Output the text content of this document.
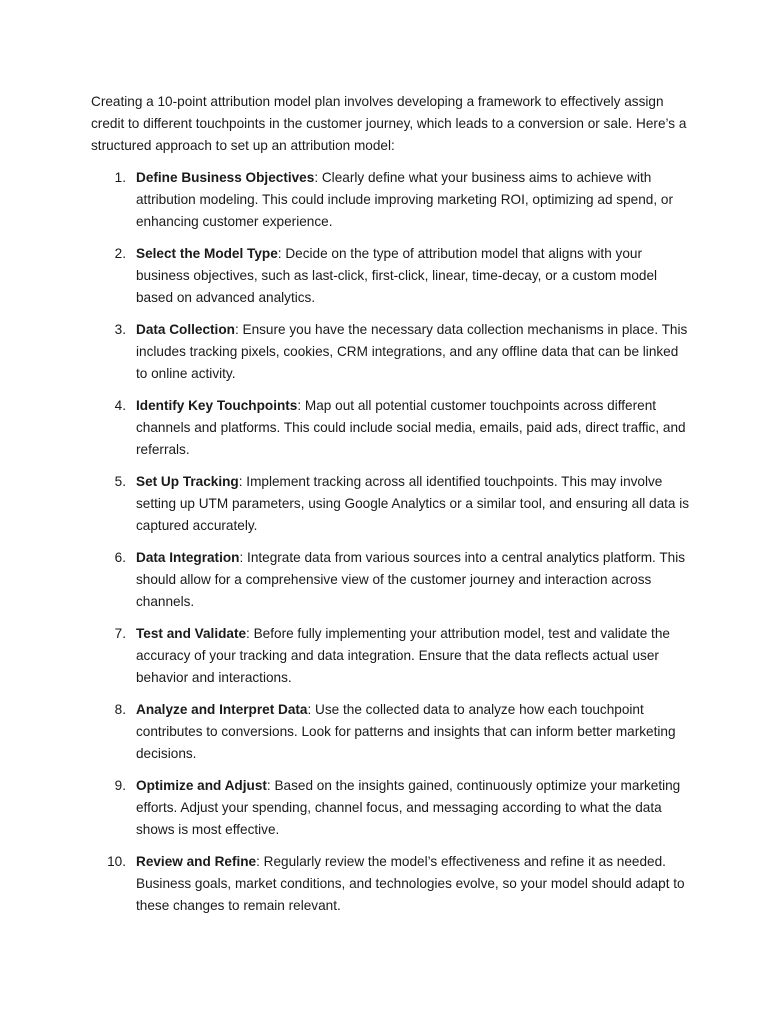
Creating a 10-point attribution model plan involves developing a framework to effectively assign credit to different touchpoints in the customer journey, which leads to a conversion or sale. Here’s a structured approach to set up an attribution model:

1. Define Business Objectives: Clearly define what your business aims to achieve with attribution modeling. This could include improving marketing ROI, optimizing ad spend, or enhancing customer experience.
2. Select the Model Type: Decide on the type of attribution model that aligns with your business objectives, such as last-click, first-click, linear, time-decay, or a custom model based on advanced analytics.
3. Data Collection: Ensure you have the necessary data collection mechanisms in place. This includes tracking pixels, cookies, CRM integrations, and any offline data that can be linked to online activity.
4. Identify Key Touchpoints: Map out all potential customer touchpoints across different channels and platforms. This could include social media, emails, paid ads, direct traffic, and referrals.
5. Set Up Tracking: Implement tracking across all identified touchpoints. This may involve setting up UTM parameters, using Google Analytics or a similar tool, and ensuring all data is captured accurately.
6. Data Integration: Integrate data from various sources into a central analytics platform. This should allow for a comprehensive view of the customer journey and interaction across channels.
7. Test and Validate: Before fully implementing your attribution model, test and validate the accuracy of your tracking and data integration. Ensure that the data reflects actual user behavior and interactions.
8. Analyze and Interpret Data: Use the collected data to analyze how each touchpoint contributes to conversions. Look for patterns and insights that can inform better marketing decisions.
9. Optimize and Adjust: Based on the insights gained, continuously optimize your marketing efforts. Adjust your spending, channel focus, and messaging according to what the data shows is most effective.
10. Review and Refine: Regularly review the model’s effectiveness and refine it as needed. Business goals, market conditions, and technologies evolve, so your model should adapt to these changes to remain relevant.
